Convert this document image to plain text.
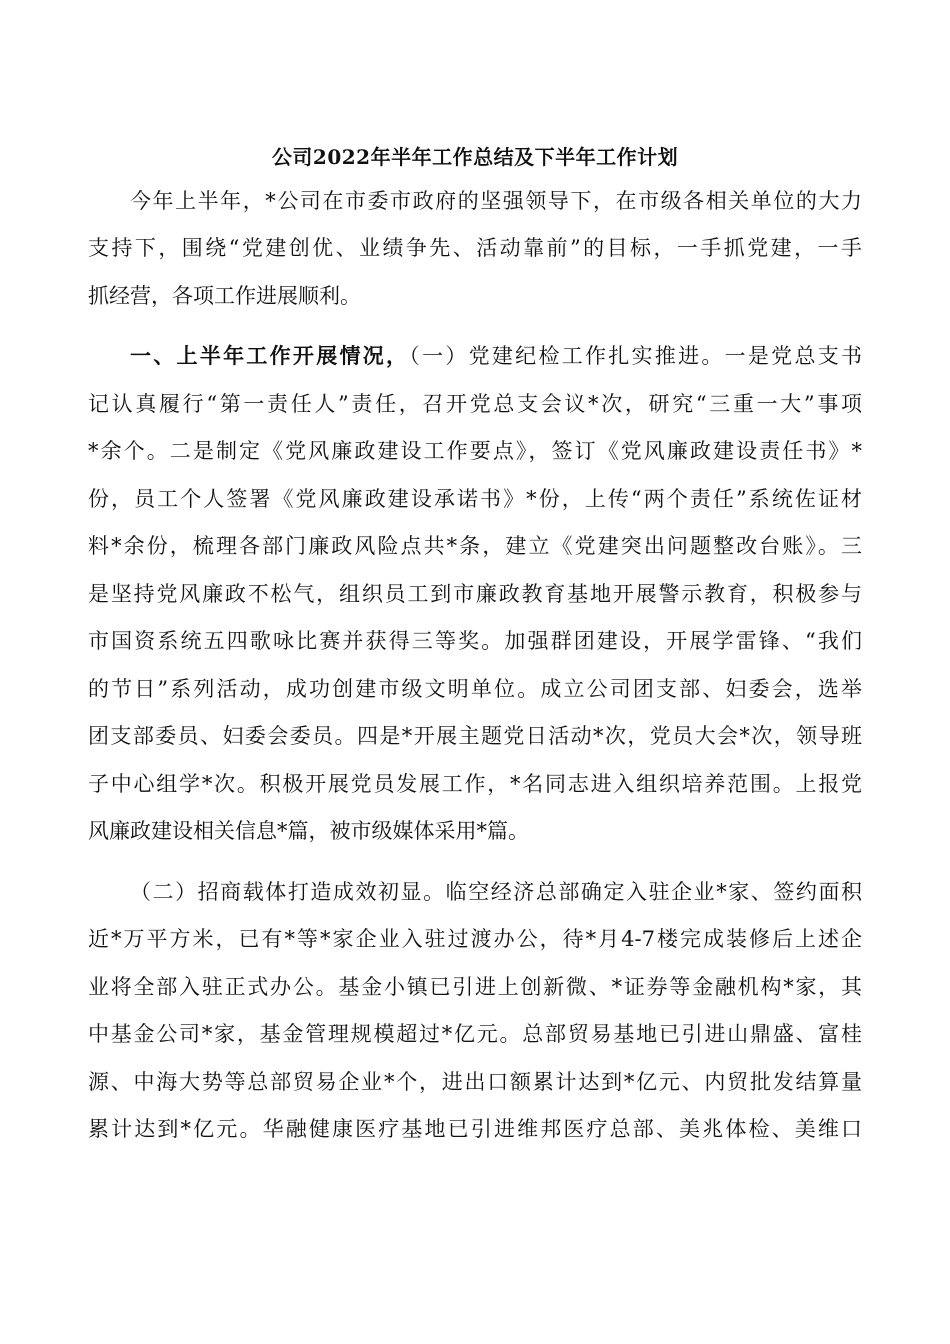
公司2022年半年工作总结及下半年工作计划

今年上半年，*公司在市委市政府的坚强领导下，在市级各相关单位的大力

支持下，围绕“党建创优、业绩争先、活动靠前”的目标，一手抓党建，一手

抓经营，各项工作进展顺利。

一、上半年工作开展情况，（一）党建纪检工作扎实推进。一是党总支书

记认真履行“第一责任人”责任，召开党总支会议*次，研究“三重一大”事项

*余个。二是制定《党风廉政建设工作要点》，签订《党风廉政建设责任书》*

份，员工个人签署《党风廉政建设承诺书》*份，上传“两个责任”系统佐证材

料*余份，梳理各部门廉政风险点共*条，建立《党建突出问题整改台账》。三

是坚持党风廉政不松气，组织员工到市廉政教育基地开展警示教育，积极参与

市国资系统五四歌咏比赛并获得三等奖。加强群团建设，开展学雷锋、“我们

的节日”系列活动，成功创建市级文明单位。成立公司团支部、妇委会，选举

团支部委员、妇委会委员。四是*开展主题党日活动*次，党员大会*次，领导班

子中心组学*次。积极开展党员发展工作，*名同志进入组织培养范围。上报党

风廉政建设相关信息*篇，被市级媒体采用*篇。

（二）招商载体打造成效初显。临空经济总部确定入驻企业*家、签约面积

近*万平方米，已有*等*家企业入驻过渡办公，待*月4-7楼完成装修后上述企

业将全部入驻正式办公。基金小镇已引进上创新微、*证券等金融机构*家，其

中基金公司*家，基金管理规模超过*亿元。总部贸易基地已引进山鼎盛、富桂

源、中海大势等总部贸易企业*个，进出口额累计达到*亿元、内贸批发结算量

累计达到*亿元。华融健康医疗基地已引进维邦医疗总部、美兆体检、美维口
